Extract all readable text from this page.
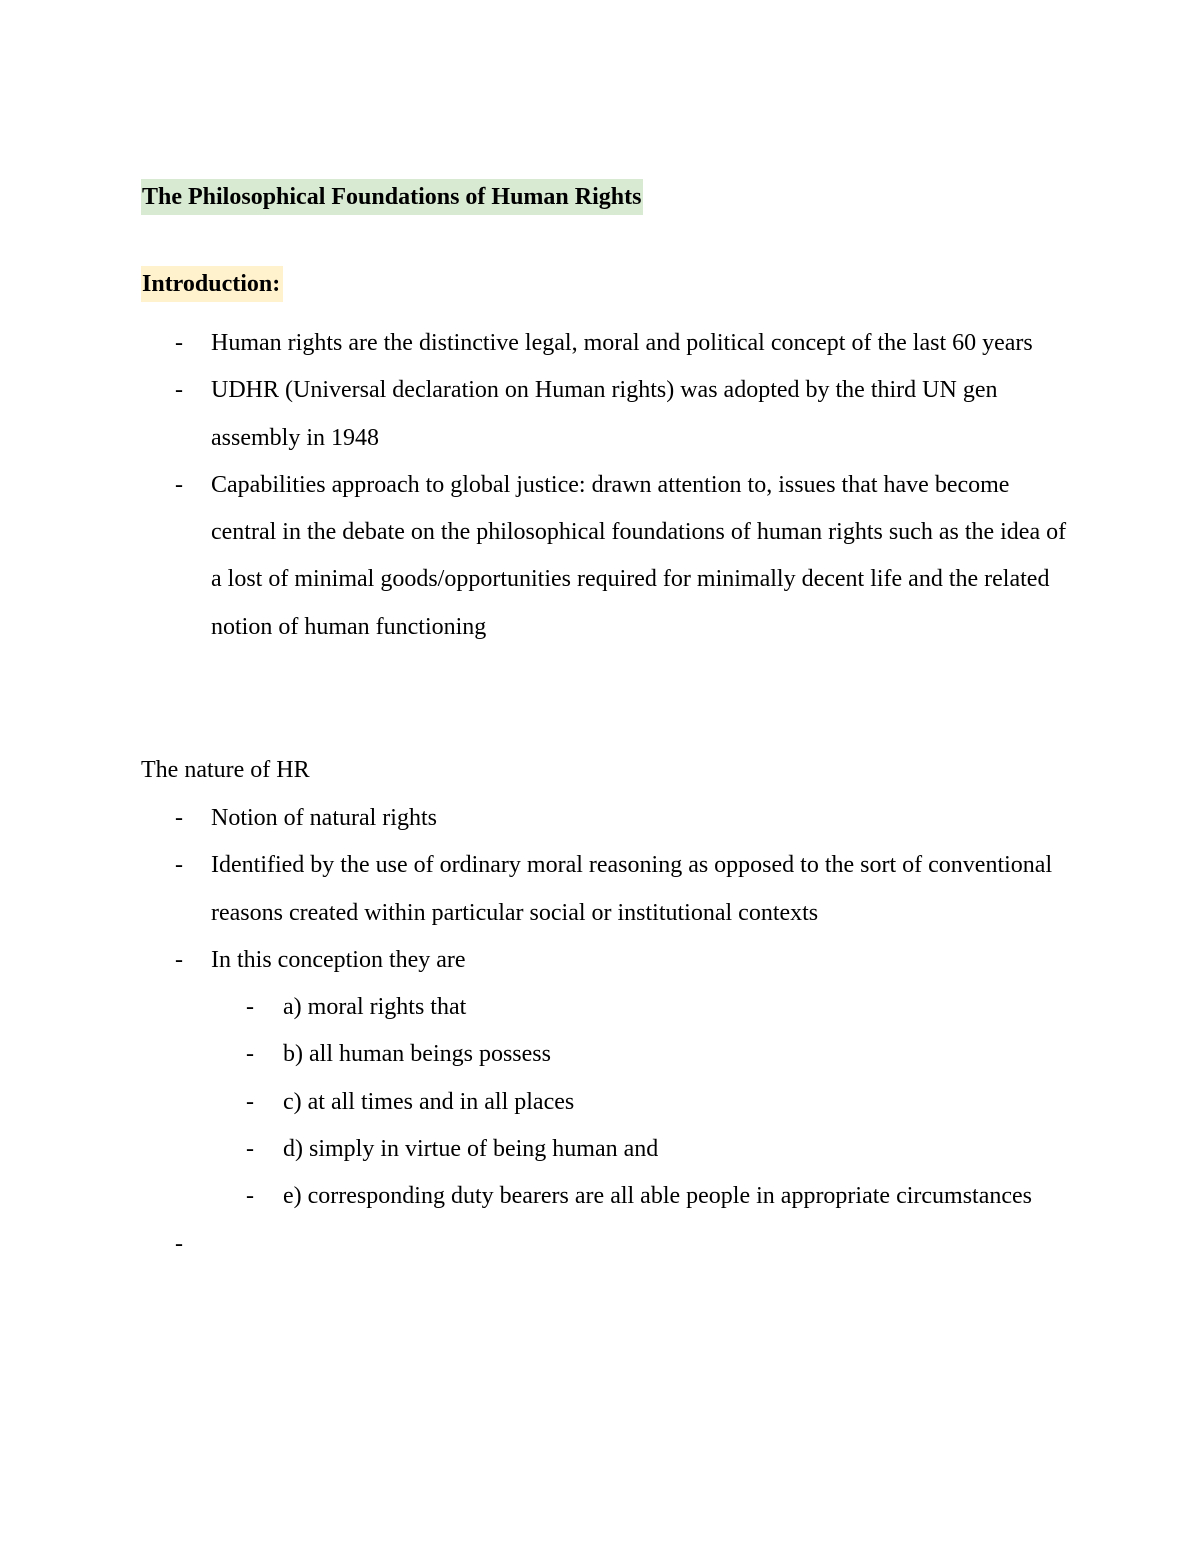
The Philosophical Foundations of Human Rights
Introduction:
- Human rights are the distinctive legal, moral and political concept of the last 60 years
- UDHR (Universal declaration on Human rights) was adopted by the third UN gen assembly in 1948
- Capabilities approach to global justice: drawn attention to, issues that have become central in the debate on the philosophical foundations of human rights such as the idea of a lost of minimal goods/opportunities required for minimally decent life and the related notion of human functioning
The nature of HR
- Notion of natural rights
- Identified by the use of ordinary moral reasoning as opposed to the sort of conventional reasons created within particular social or institutional contexts
- In this conception they are
- a) moral rights that
- b) all human beings possess
- c) at all times and in all places
- d) simply in virtue of being human and
- e) corresponding duty bearers are all able people in appropriate circumstances
-
